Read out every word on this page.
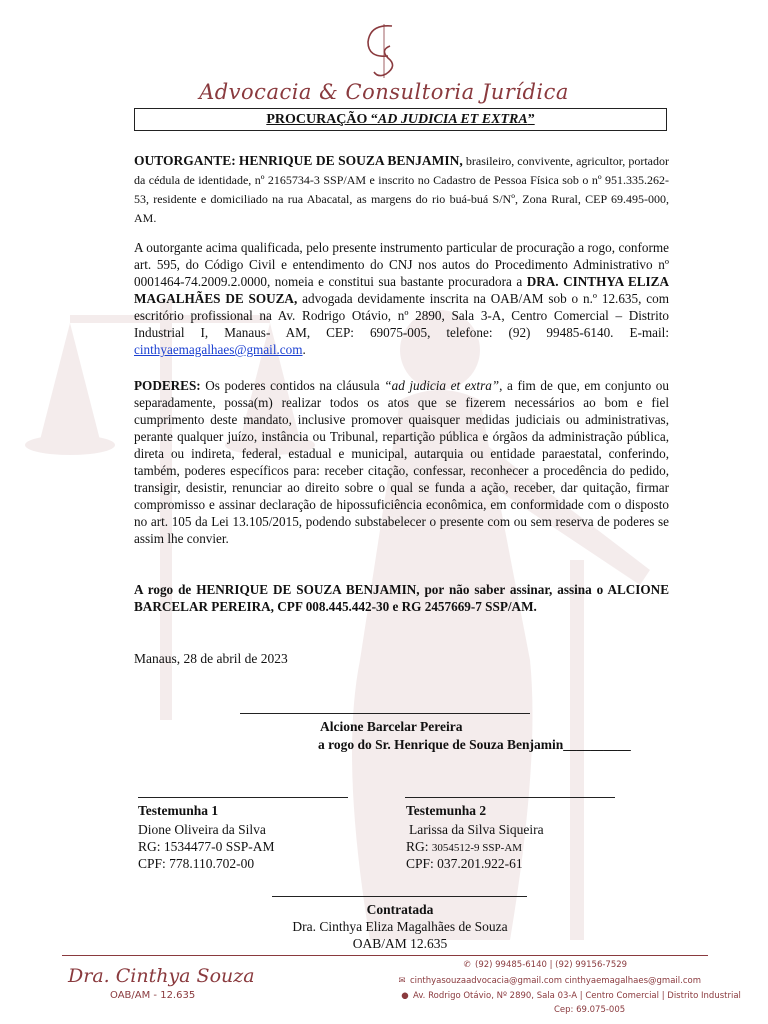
Advocacia & Consultoria Jurídica
PROCURAÇÃO “AD JUDICIA ET EXTRA”
OUTORGANTE: HENRIQUE DE SOUZA BENJAMIN, brasileiro, convivente, agricultor, portador da cédula de identidade, nº 2165734-3 SSP/AM e inscrito no Cadastro de Pessoa Física sob o nº 951.335.262-53, residente e domiciliado na rua Abacatal, as margens do rio buá-buá S/Nº, Zona Rural, CEP 69.495-000, AM.
A outorgante acima qualificada, pelo presente instrumento particular de procuração a rogo, conforme art. 595, do Código Civil e entendimento do CNJ nos autos do Procedimento Administrativo nº 0001464-74.2009.2.0000, nomeia e constitui sua bastante procuradora a DRA. CINTHYA ELIZA MAGALHÃES DE SOUZA, advogada devidamente inscrita na OAB/AM sob o n.º 12.635, com escritório profissional na Av. Rodrigo Otávio, nº 2890, Sala 3-A, Centro Comercial – Distrito Industrial I, Manaus- AM, CEP: 69075-005, telefone: (92) 99485-6140. E-mail: cinthyaemagalhaes@gmail.com.
PODERES: Os poderes contidos na cláusula “ad judicia et extra”, a fim de que, em conjunto ou separadamente, possa(m) realizar todos os atos que se fizerem necessários ao bom e fiel cumprimento deste mandato, inclusive promover quaisquer medidas judiciais ou administrativas, perante qualquer juízo, instância ou Tribunal, repartição pública e órgãos da administração pública, direta ou indireta, federal, estadual e municipal, autarquia ou entidade paraestatal, conferindo, também, poderes específicos para: receber citação, confessar, reconhecer a procedência do pedido, transigir, desistir, renunciar ao direito sobre o qual se funda a ação, receber, dar quitação, firmar compromisso e assinar declaração de hipossuficiência econômica, em conformidade com o disposto no art. 105 da Lei 13.105/2015, podendo substabelecer o presente com ou sem reserva de poderes se assim lhe convier.
A rogo de HENRIQUE DE SOUZA BENJAMIN, por não saber assinar, assina o ALCIONE BARCELAR PEREIRA, CPF 008.445.442-30 e RG 2457669-7 SSP/AM.
Manaus, 28 de abril de 2023
Alcione Barcelar Pereira
a rogo do Sr. Henrique de Souza Benjamin__________
Testemunha 1
Dione Oliveira da Silva
RG: 1534477-0 SSP-AM
CPF: 778.110.702-00
Testemunha 2
Larissa da Silva Siqueira
RG: 3054512-9 SSP-AM
CPF: 037.201.922-61
Contratada
Dra. Cinthya Eliza Magalhães de Souza
OAB/AM 12.635
Dra. Cinthya Souza
OAB/AM - 12.635
✆ (92) 99485-6140 | (92) 99156-7529
✉ cinthyasouzaadvocacia@gmail.com cinthyaemagalhaes@gmail.com
● Av. Rodrigo Otávio, Nº 2890, Sala 03-A | Centro Comercial | Distrito Industrial
Cep: 69.075-005
